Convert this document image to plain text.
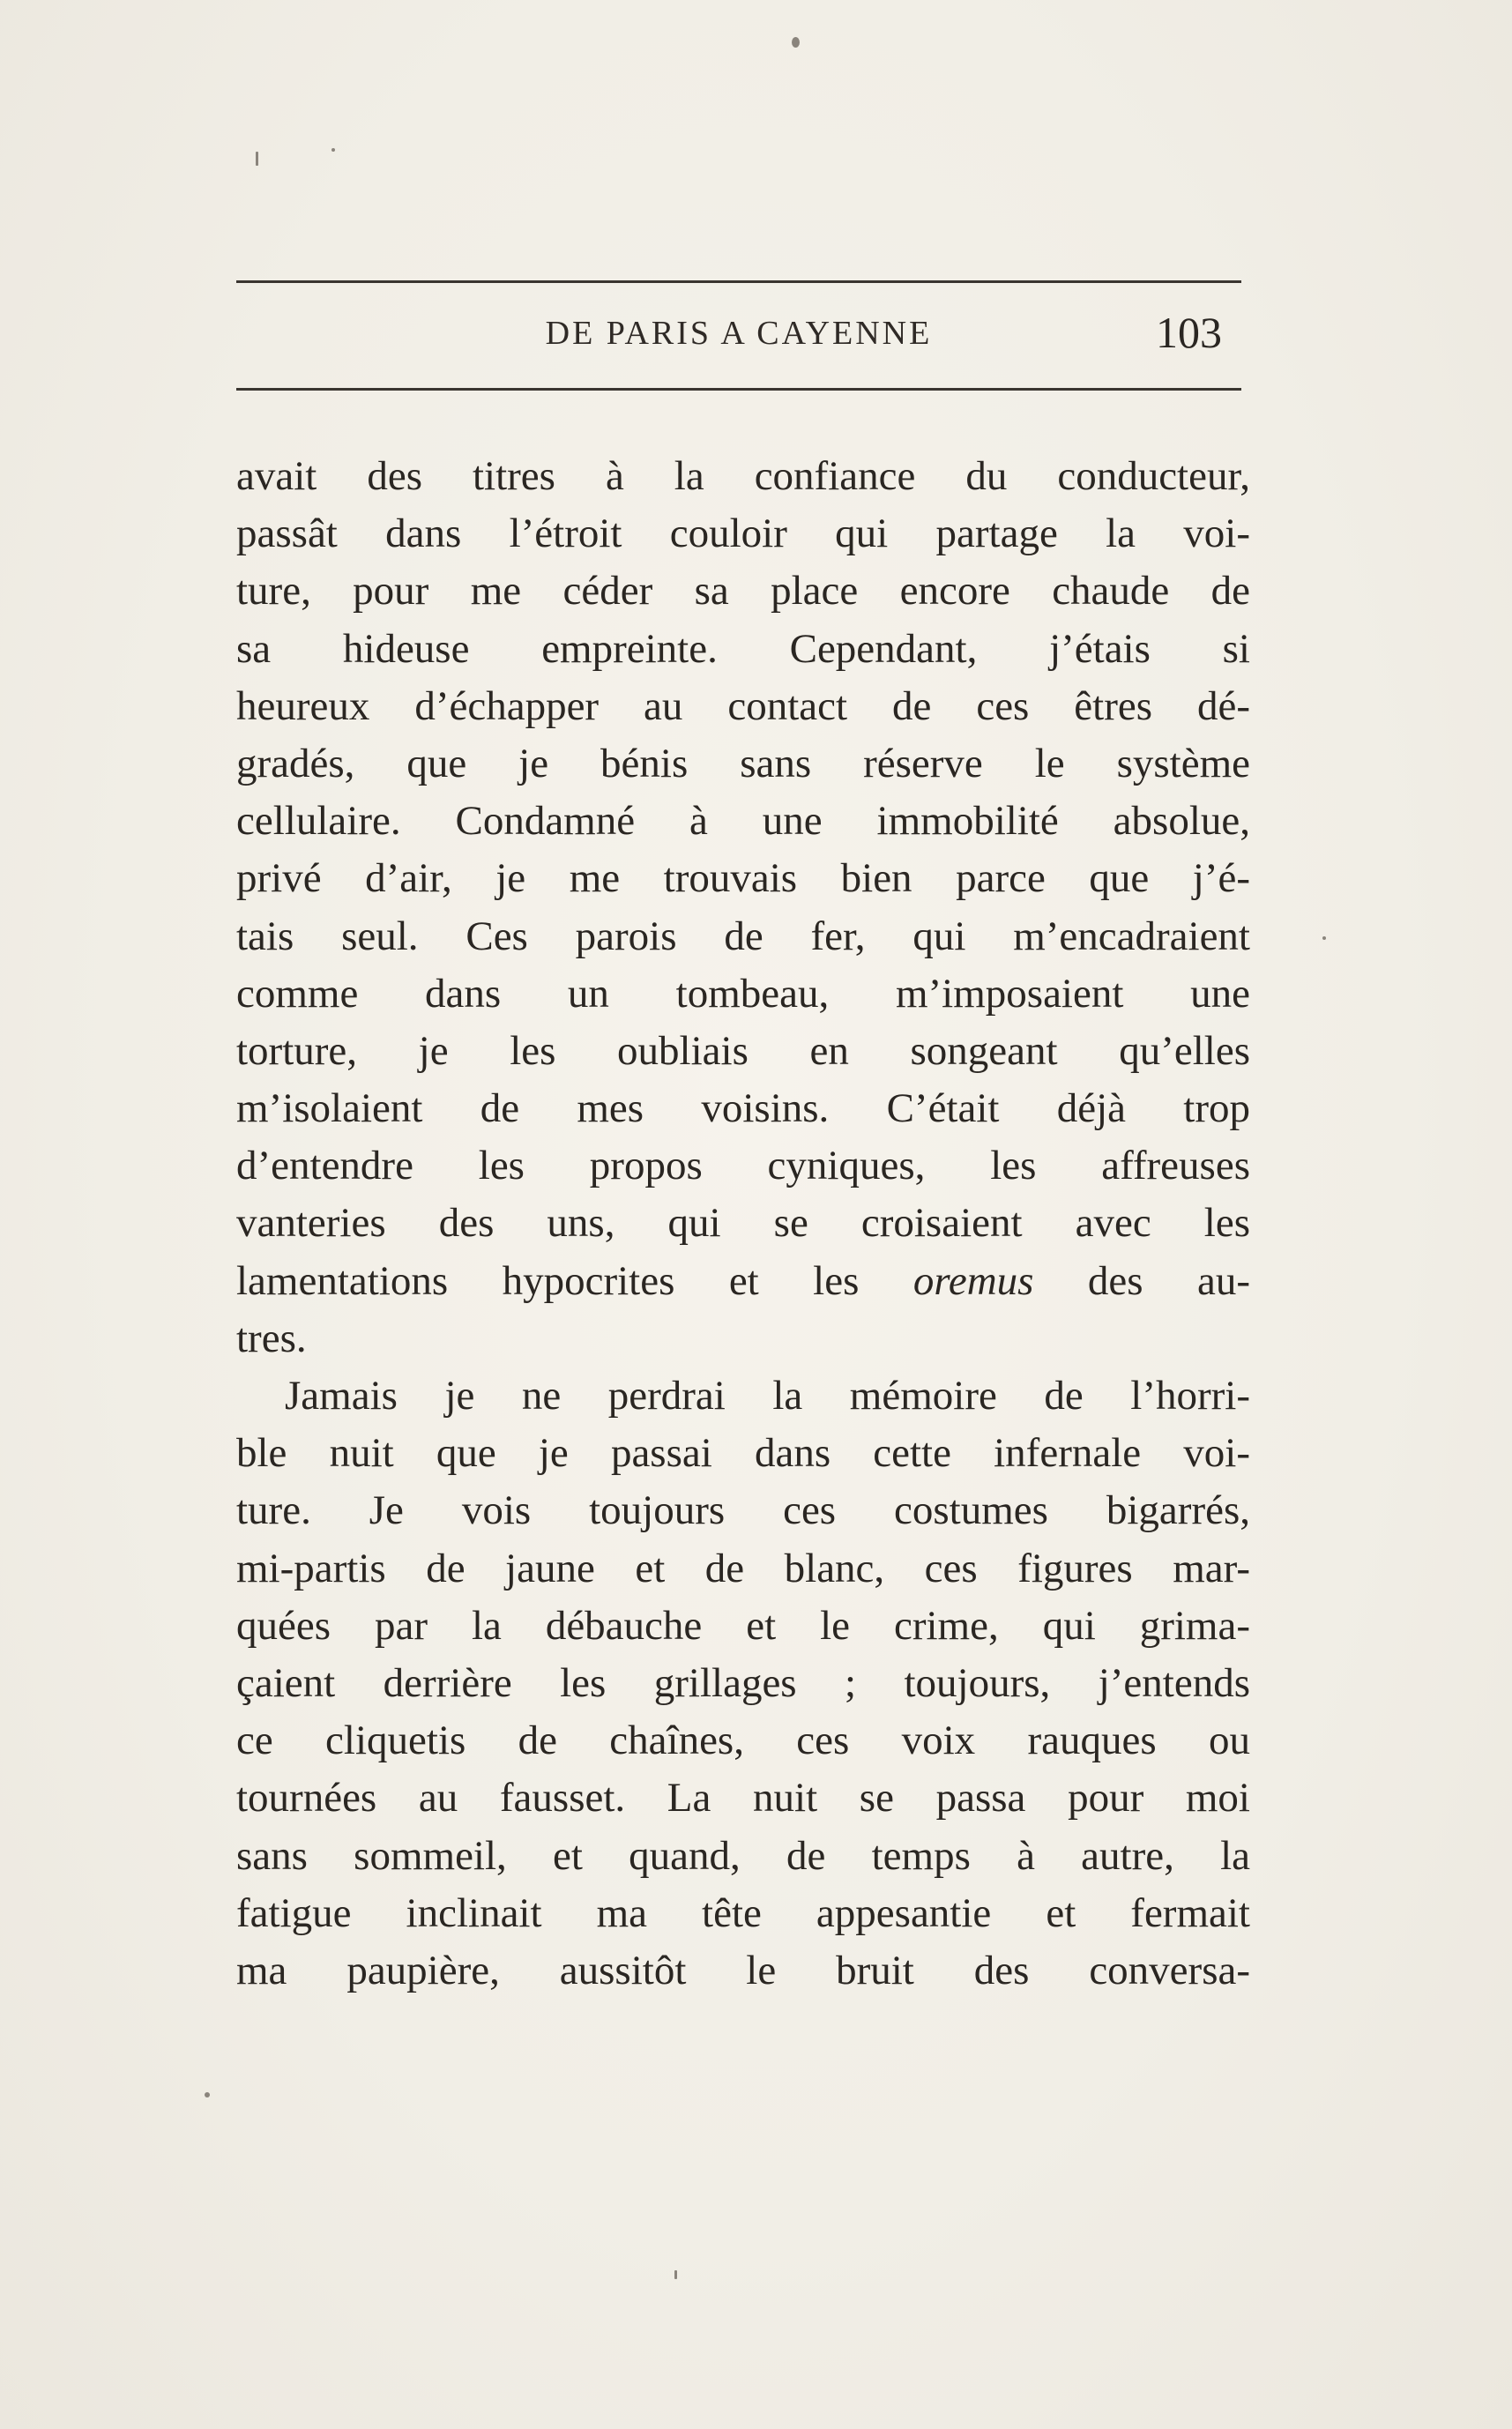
DE PARIS A CAYENNE	103
avait des titres à la confiance du conducteur,
passât dans l’étroit couloir qui partage la voi-
ture, pour me céder sa place encore chaude de
sa hideuse empreinte. Cependant, j’étais si
heureux d’échapper au contact de ces êtres dé-
gradés, que je bénis sans réserve le système
cellulaire. Condamné à une immobilité absolue,
privé d’air, je me trouvais bien parce que j’é-
tais seul. Ces parois de fer, qui m’encadraient
comme dans un tombeau, m’imposaient une
torture, je les oubliais en songeant qu’elles
m’isolaient de mes voisins. C’était déjà trop
d’entendre les propos cyniques, les affreuses
vanteries des uns, qui se croisaient avec les
lamentations hypocrites et les oremus des au-
tres.
Jamais je ne perdrai la mémoire de l’horri-
ble nuit que je passai dans cette infernale voi-
ture. Je vois toujours ces costumes bigarrés,
mi-partis de jaune et de blanc, ces figures mar-
quées par la débauche et le crime, qui grima-
çaient derrière les grillages ; toujours, j’entends
ce cliquetis de chaînes, ces voix rauques ou
tournées au fausset. La nuit se passa pour moi
sans sommeil, et quand, de temps à autre, la
fatigue inclinait ma tête appesantie et fermait
ma paupière, aussitôt le bruit des conversa-
